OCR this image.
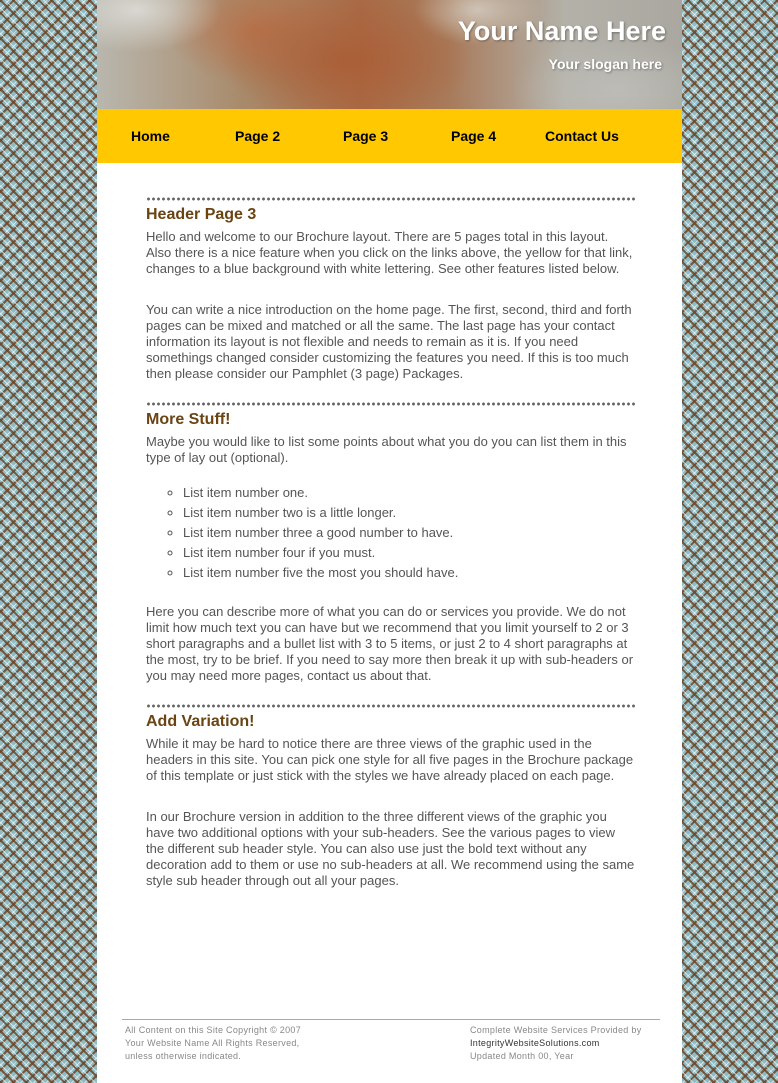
Your Name Here
Your slogan here
Home	Page 2	Page 3	Page 4	Contact Us
Header Page 3

Hello and welcome to our Brochure layout. There are 5 pages total in this layout. Also there is a nice feature when you click on the links above, the yellow for that link, changes to a blue background with white lettering. See other features listed below.

You can write a nice introduction on the home page. The first, second, third and forth pages can be mixed and matched or all the same. The last page has your contact information its layout is not flexible and needs to remain as it is. If you need somethings changed consider customizing the features you need. If this is too much then please consider our Pamphlet (3 page) Packages.

More Stuff!

Maybe you would like to list some points about what you do you can list them in this type of lay out (optional).

◦ List item number one.
◦ List item number two is a little longer.
◦ List item number three a good number to have.
◦ List item number four if you must.
◦ List item number five the most you should have.

Here you can describe more of what you can do or services you provide. We do not limit how much text you can have but we recommend that you limit yourself to 2 or 3 short paragraphs and a bullet list with 3 to 5 items, or just 2 to 4 short paragraphs at the most, try to be brief. If you need to say more then break it up with sub-headers or you may need more pages, contact us about that.

Add Variation!

While it may be hard to notice there are three views of the graphic used in the headers in this site. You can pick one style for all five pages in the Brochure package of this template or just stick with the styles we have already placed on each page.

In our Brochure version in addition to the three different views of the graphic you have two additional options with your sub-headers. See the various pages to view the different sub header style. You can also use just the bold text without any decoration add to them or use no sub-headers at all. We recommend using the same style sub header through out all your pages.

All Content on this Site Copyright © 2007
Your Website Name All Rights Reserved,
unless otherwise indicated.
Complete Website Services Provided by
IntegrityWebsiteSolutions.com
Updated Month 00, Year
